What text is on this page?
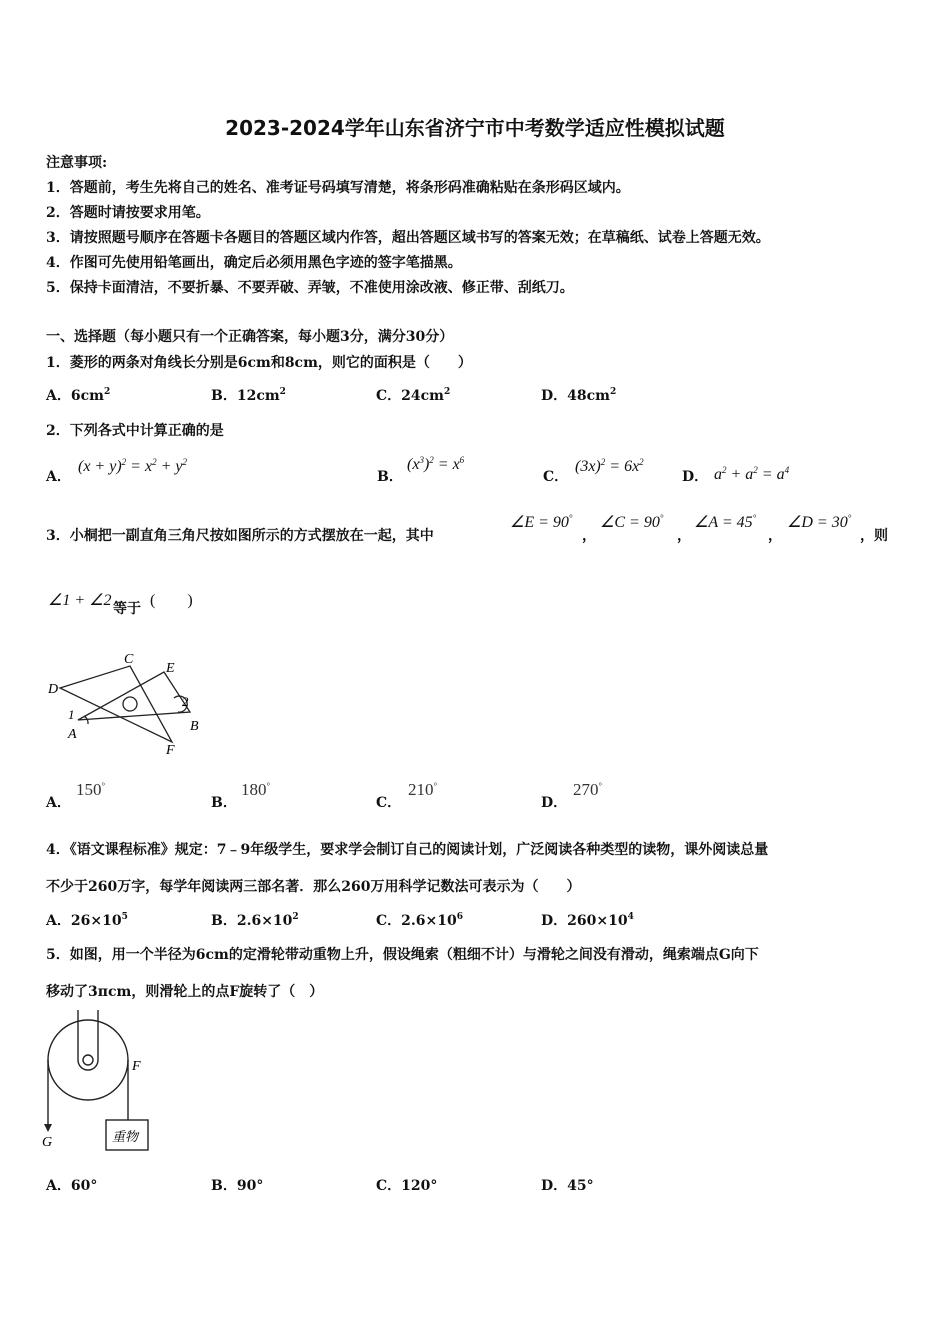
2023-2024学年山东省济宁市中考数学适应性模拟试题
注意事项:
1．答题前，考生先将自己的姓名、准考证号码填写清楚，将条形码准确粘贴在条形码区域内。
2．答题时请按要求用笔。
3．请按照题号顺序在答题卡各题目的答题区域内作答，超出答题区域书写的答案无效；在草稿纸、试卷上答题无效。
4．作图可先使用铅笔画出，确定后必须用黑色字迹的签字笔描黑。
5．保持卡面清洁，不要折暴、不要弄破、弄皱，不准使用涂改液、修正带、刮纸刀。
一、选择题（每小题只有一个正确答案，每小题3分，满分30分）
1．菱形的两条对角线长分别是6cm和8cm，则它的面积是（　　）
A．$6cm^2$	B．$12cm^2$	C．$24cm^2$	D．$48cm^2$
2．下列各式中计算正确的是
A．
$(x + y)^2 = x^2 + y^2$
B．
$(x^3)^2 = x^6$
C．
$(3x)^2 = 6x^2$
D． $a^2 + a^2 = a^4$
3．小桐把一副直角三角尺按如图所示的方式摆放在一起，其中
∠E = 90°
，
∠C = 90°
，
∠A = 45°
，
∠D = 30°
，则
∠1 + ∠2 等于 (　　)
D
C
E
1
2
A
B
F
A．
150°
B．
180°
C．
210°
D．
270°
4．《语文课程标准》规定：7﹣9年级学生，要求学会制订自己的阅读计划，广泛阅读各种类型的读物，课外阅读总量
不少于260万字，每学年阅读两三部名著．那么260万用科学记数法可表示为（　　）
A．$26\times 10^5$	B．$2.6\times 10^2$	C．$2.6\times 10^6$	D．$260\times 10^4$
5．如图，用一个半径为6cm的定滑轮带动重物上升，假设绳索（粗细不计）与滑轮之间没有滑动，绳索端点G向下
移动了3πcm，则滑轮上的点F旋转了（　）
F
G	重物
A．60°	B．90°	C．120°	D．45°
